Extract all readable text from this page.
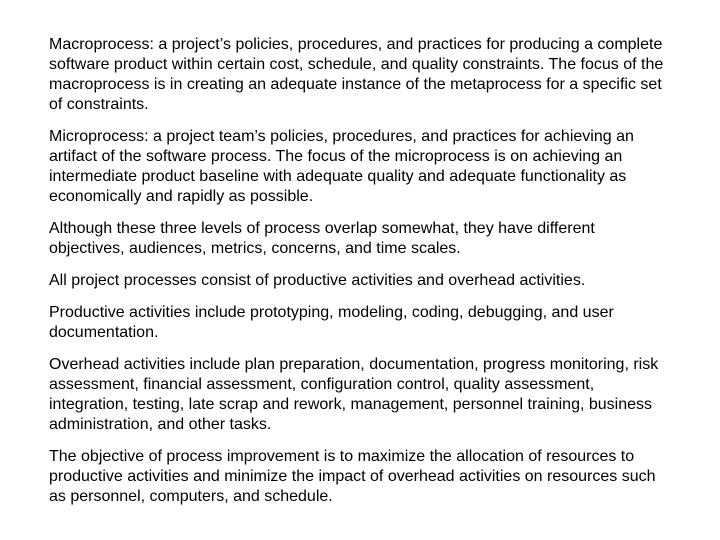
Macroprocess: a project’s policies, procedures, and practices for producing a complete software product within certain cost, schedule, and quality constraints. The focus of the macroprocess is in creating an adequate instance of the metaprocess for a specific set of constraints.

Microprocess: a project team’s policies, procedures, and practices for achieving an artifact of the software process. The focus of the microprocess is on achieving an intermediate product baseline with adequate quality and adequate functionality as economically and rapidly as possible.

Although these three levels of process overlap somewhat, they have different objectives, audiences, metrics, concerns, and time scales.

All project processes consist of productive activities and overhead activities.

Productive activities include prototyping, modeling, coding, debugging, and user documentation.

Overhead activities include plan preparation, documentation, progress monitoring, risk assessment, financial assessment, configuration control, quality assessment, integration, testing, late scrap and rework, management, personnel training, business administration, and other tasks.

The objective of process improvement is to maximize the allocation of resources to productive activities and minimize the impact of overhead activities on resources such as personnel, computers, and schedule.
